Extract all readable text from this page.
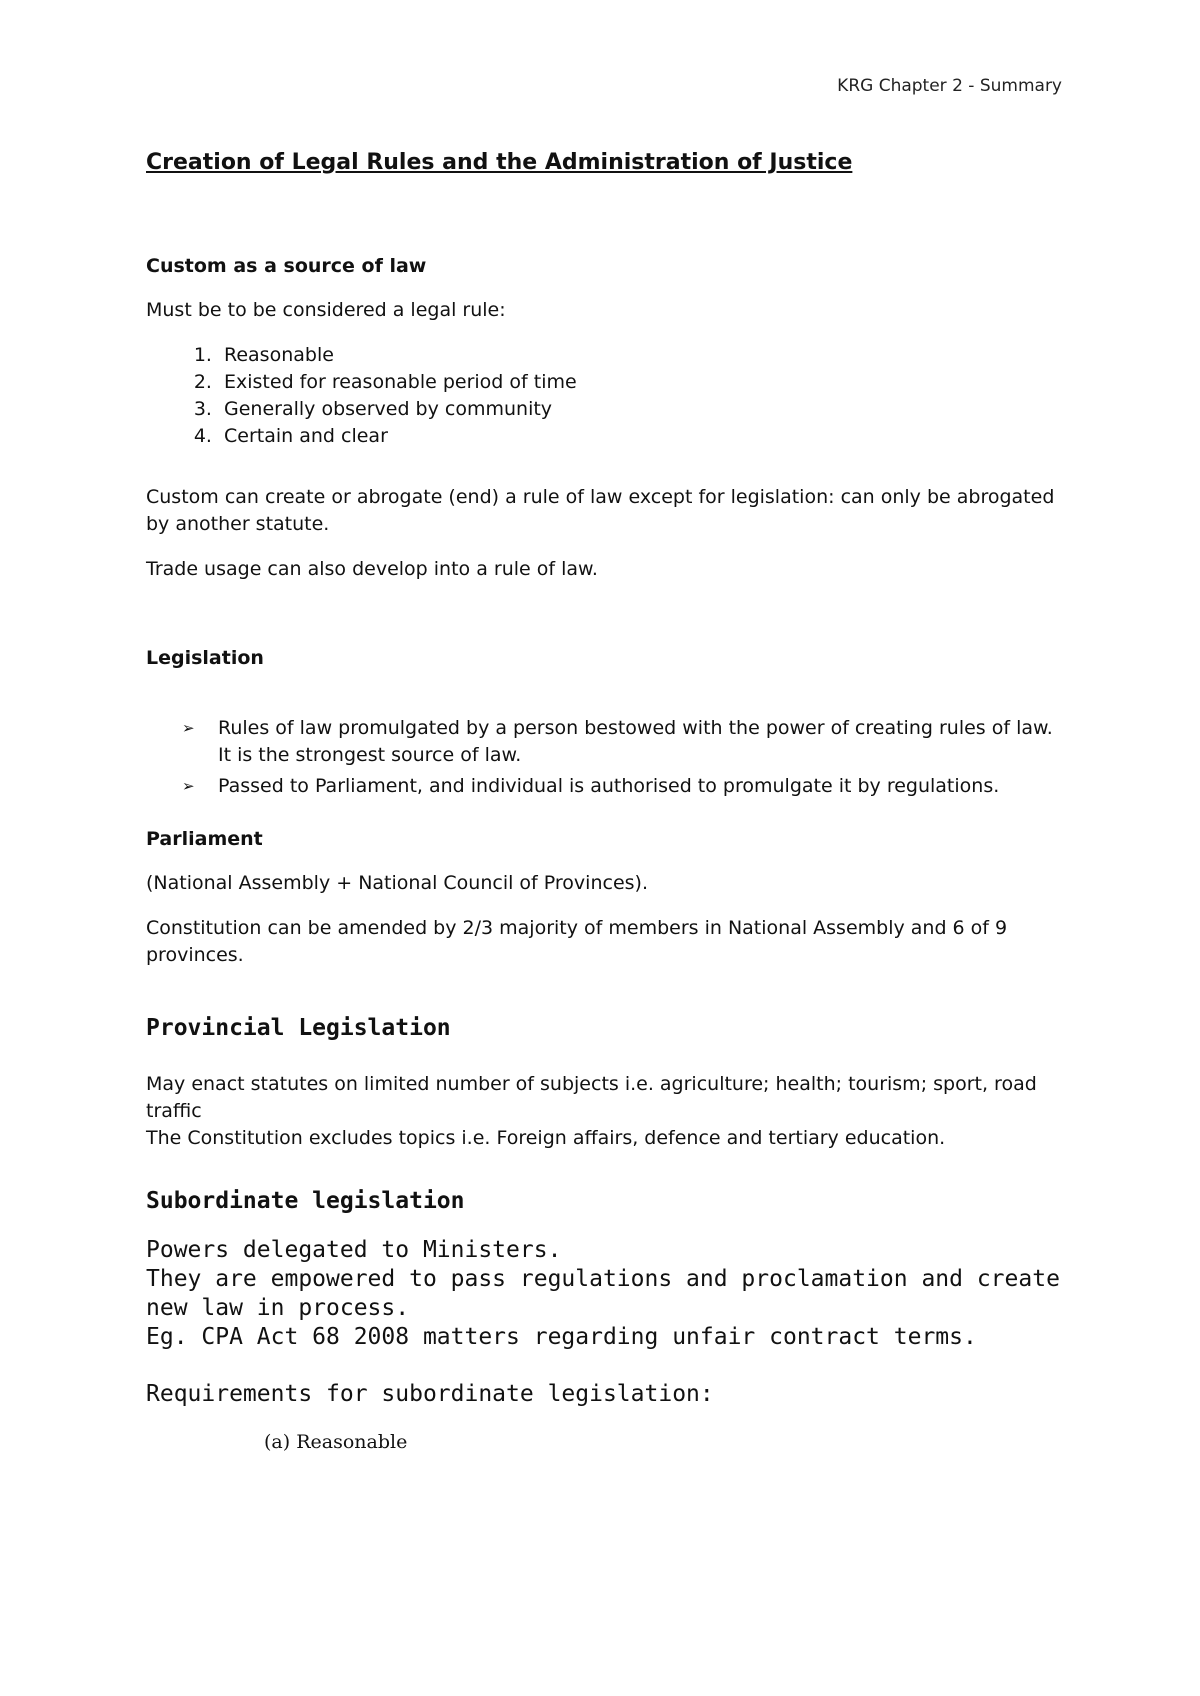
KRG Chapter 2 - Summary
Creation of Legal Rules and the Administration of Justice
Custom as a source of law

Must be to be considered a legal rule:

1. Reasonable
2. Existed for reasonable period of time
3. Generally observed by community
4. Certain and clear

Custom can create or abrogate (end) a rule of law except for legislation: can only be abrogated by another statute.

Trade usage can also develop into a rule of law.

Legislation
➢ Rules of law promulgated by a person bestowed with the power of creating rules of law. It is the strongest source of law.
➢ Passed to Parliament, and individual is authorised to promulgate it by regulations.
Parliament

(National Assembly + National Council of Provinces).

Constitution can be amended by 2/3 majority of members in National Assembly and 6 of 9 provinces.

Provincial Legislation

May enact statutes on limited number of subjects i.e. agriculture; health; tourism; sport, road traffic

The Constitution excludes topics i.e. Foreign affairs, defence and tertiary education.

Subordinate legislation

Powers delegated to Ministers.

They are empowered to pass regulations and proclamation and create new law in process.

Eg. CPA Act 68 2008 matters regarding unfair contract terms.

Requirements for subordinate legislation:

(a) Reasonable
